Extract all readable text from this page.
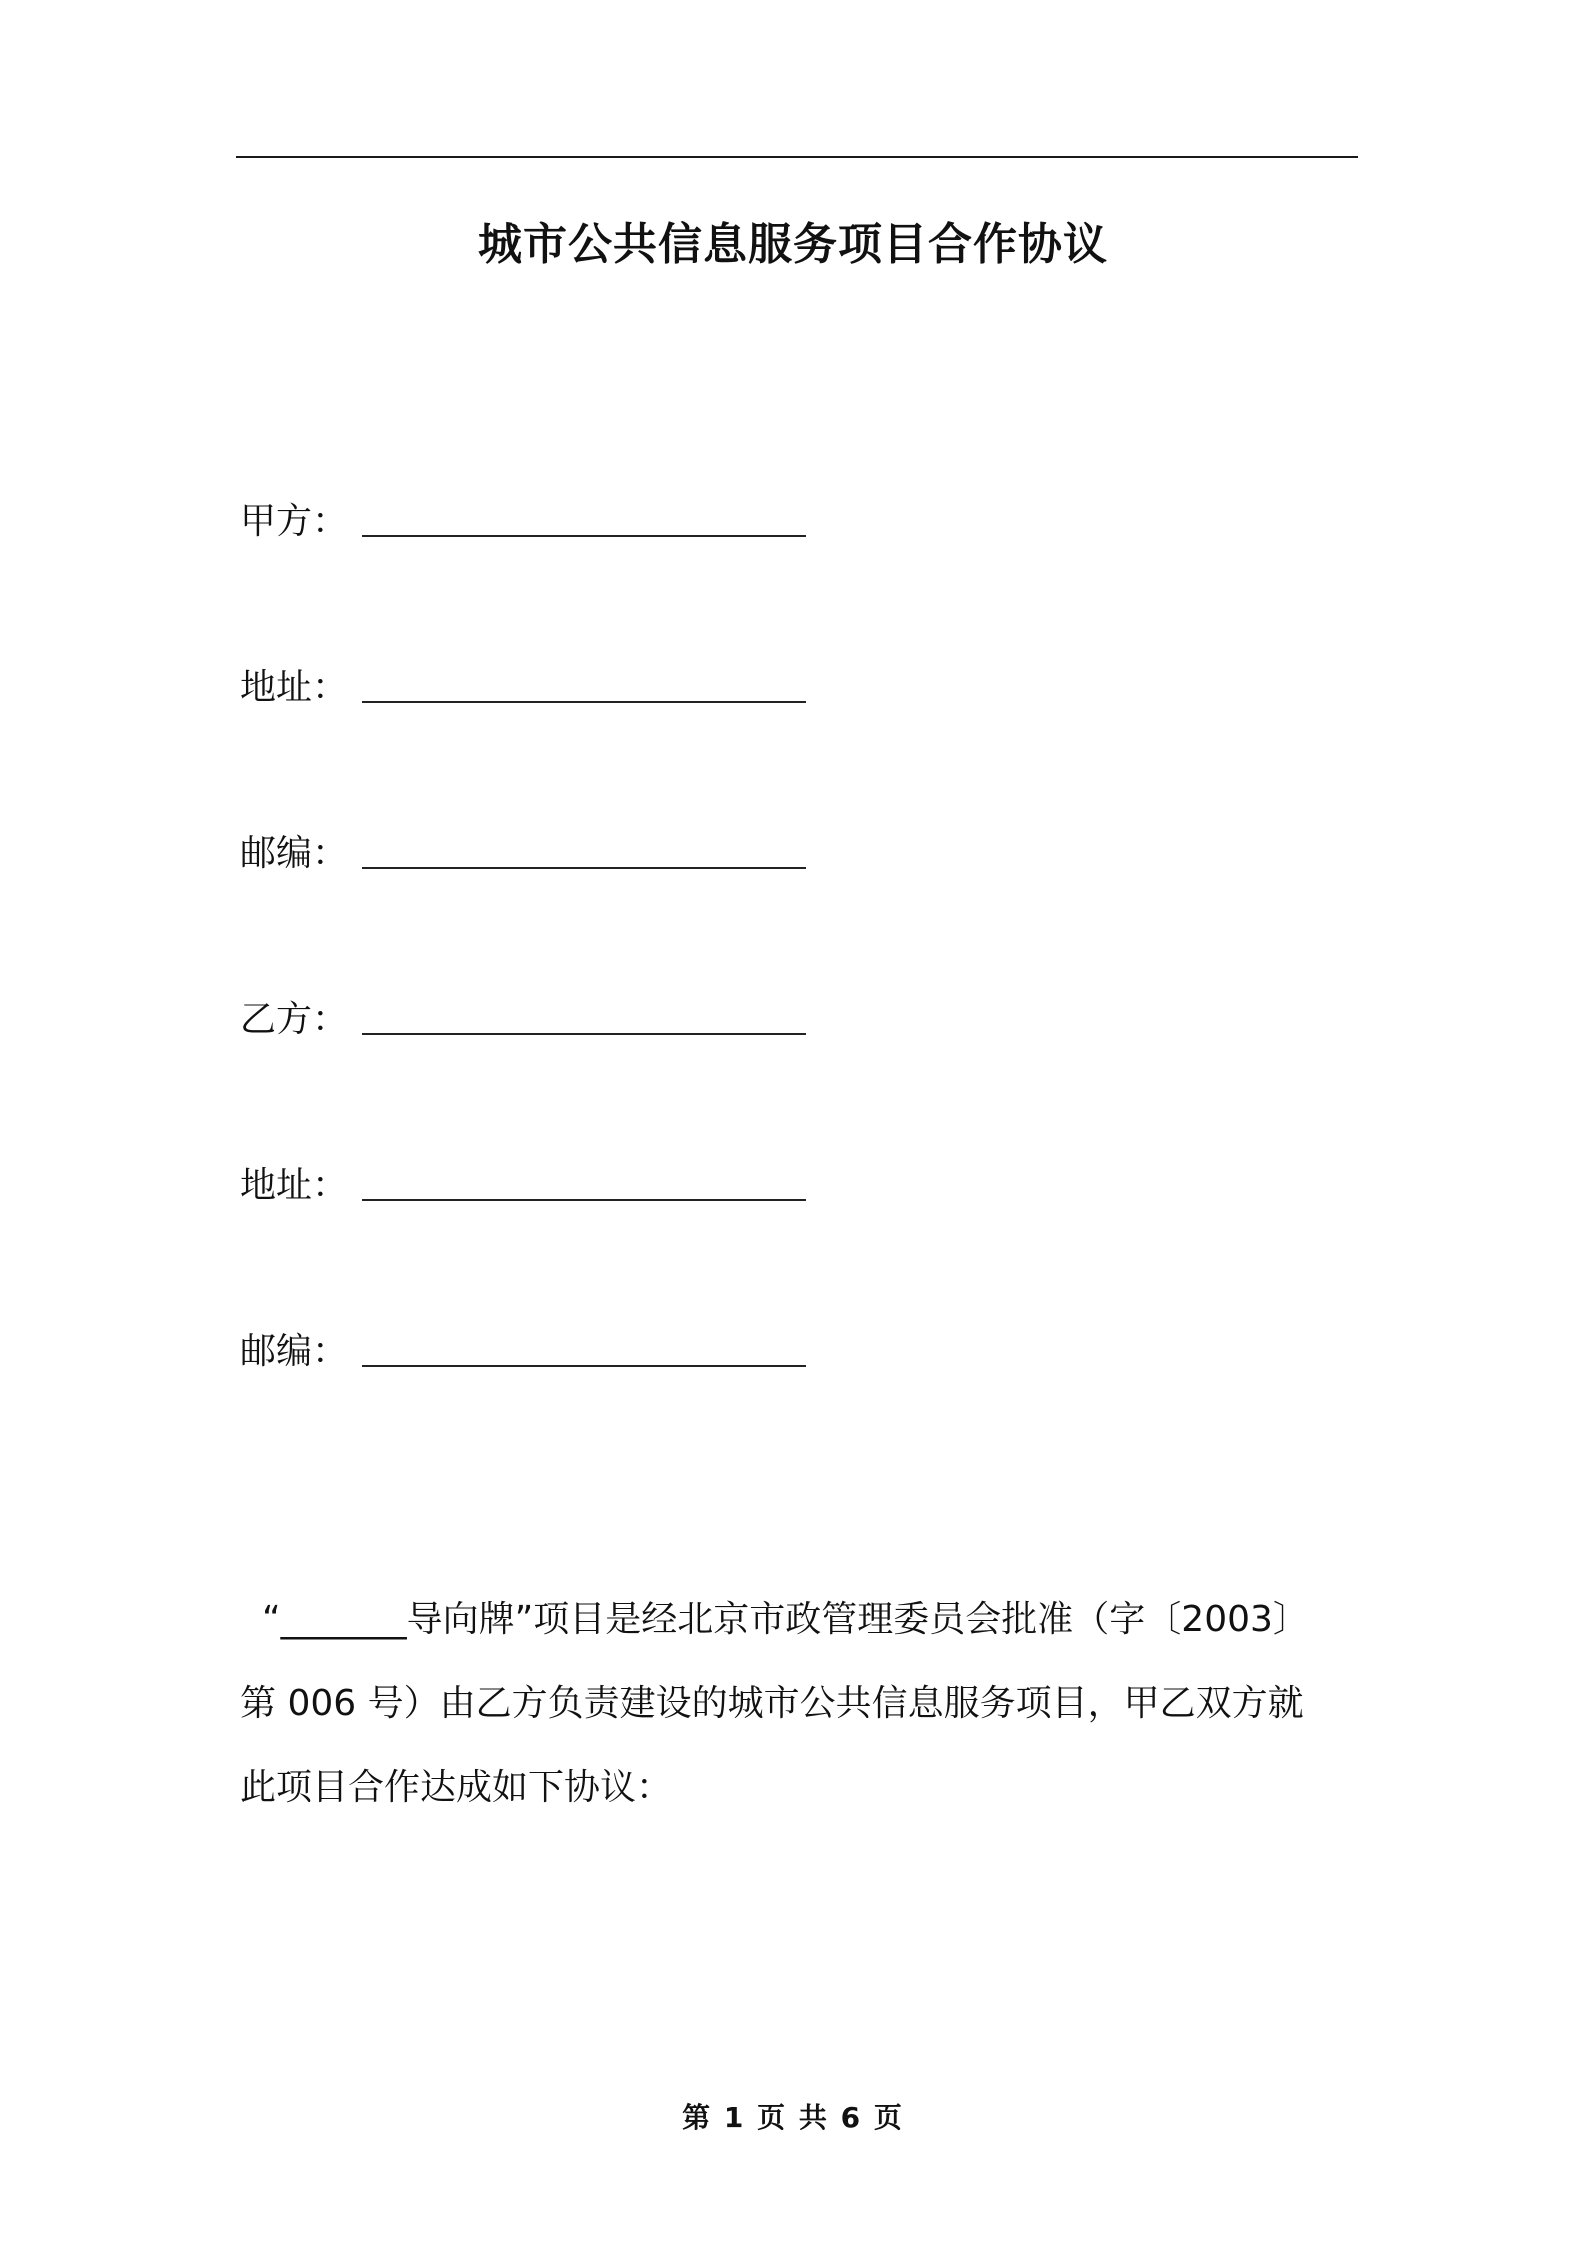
城市公共信息服务项目合作协议
甲方：
地址：
邮编：
乙方：
地址：
邮编：

“_______导向牌”项目是经北京市政管理委员会批准（字〔2003〕
第 006 号）由乙方负责建设的城市公共信息服务项目，甲乙双方就
此项目合作达成如下协议：

第 1 页 共 6 页
